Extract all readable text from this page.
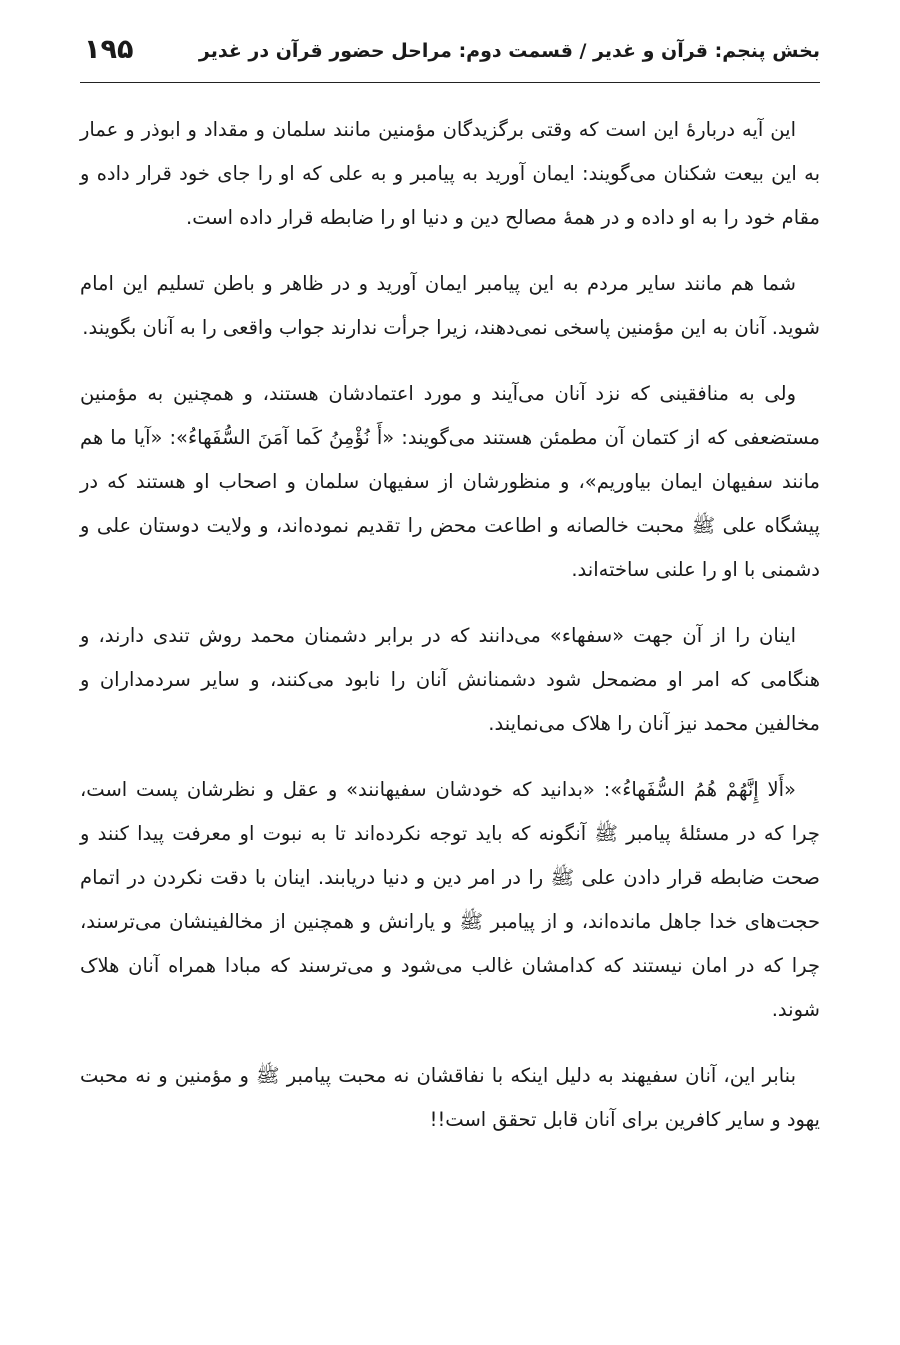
بخش پنجم: قرآن و غدیر / قسمت دوم: مراحل حضور قرآن در غدیر
۱۹۵

این آیه دربارهٔ این است که وقتی برگزیدگان مؤمنین مانند سلمان و مقداد و ابوذر و عمار به این بیعت شکنان می‌گویند: ایمان آورید به پیامبر و به علی که او را جای خود قرار داده و مقام خود را به او داده و در همهٔ مصالح دین و دنیا او را ضابطه قرار داده است.

شما هم مانند سایر مردم به این پیامبر ایمان آورید و در ظاهر و باطن تسلیم این امام شوید. آنان به این مؤمنین پاسخی نمی‌دهند، زیرا جرأت ندارند جواب واقعی را به آنان بگویند.

ولی به منافقینی که نزد آنان می‌آیند و مورد اعتمادشان هستند، و همچنین به مؤمنین مستضعفی که از کتمان آن مطمئن هستند می‌گویند: «أَ نُؤْمِنُ كَما آمَنَ السُّفَهاءُ»: «آیا ما هم مانند سفیهان ایمان بیاوریم»، و منظورشان از سفیهان سلمان و اصحاب او هستند که در پیشگاه علی ﷺ محبت خالصانه و اطاعت محض را تقدیم نموده‌اند، و ولایت دوستان علی و دشمنی با او را علنی ساخته‌اند.

اینان را از آن جهت «سفهاء» می‌دانند که در برابر دشمنان محمد روش تندی دارند، و هنگامی که امر او مضمحل شود دشمنانش آنان را نابود می‌کنند، و سایر سردمداران و مخالفین محمد نیز آنان را هلاک می‌نمایند.

«أَلا إِنَّهُمْ هُمُ السُّفَهاءُ»: «بدانید که خودشان سفیهانند» و عقل و نظرشان پست است، چرا که در مسئلهٔ پیامبر ﷺ آنگونه که باید توجه نکرده‌اند تا به نبوت او معرفت پیدا کنند و صحت ضابطه قرار دادن علی ﷺ را در امر دین و دنیا دریابند. اینان با دقت نکردن در اتمام حجت‌های خدا جاهل مانده‌اند، و از پیامبر ﷺ و یارانش و همچنین از مخالفینشان می‌ترسند، چرا که در امان نیستند که کدامشان غالب می‌شود و می‌ترسند که مبادا همراه آنان هلاک شوند.

بنابر این، آنان سفیهند به دلیل اینکه با نفاقشان نه محبت پیامبر ﷺ و مؤمنین و نه محبت یهود و سایر کافرین برای آنان قابل تحقق است!!
